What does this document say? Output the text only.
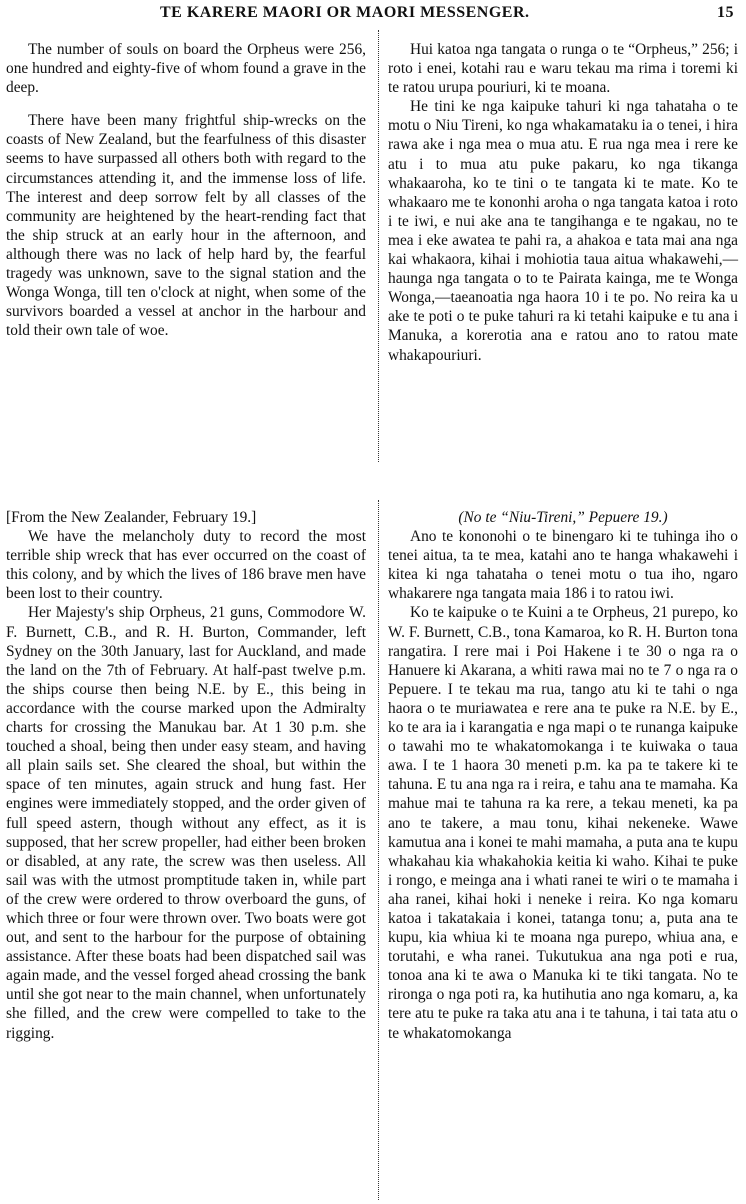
TE KARERE MAORI OR MAORI MESSENGER.	15

The number of souls on board the Orpheus were 256, one hundred and eighty-five of whom found a grave in the deep.

There have been many frightful ship-wrecks on the coasts of New Zealand, but the fearfulness of this disaster seems to have surpassed all others both with regard to the circumstances attending it, and the immense loss of life. The interest and deep sorrow felt by all classes of the community are heightened by the heart-rending fact that the ship struck at an early hour in the afternoon, and although there was no lack of help hard by, the fearful tragedy was unknown, save to the signal station and the Wonga Wonga, till ten o'clock at night, when some of the survivors boarded a vessel at anchor in the harbour and told their own tale of woe.

Hui katoa nga tangata o runga o te “Orpheus,” 256; i roto i enei, kotahi rau e waru tekau ma rima i toremi ki te ratou urupa pouriuri, ki te moana.

He tini ke nga kaipuke tahuri ki nga tahataha o te motu o Niu Tireni, ko nga whakamataku ia o tenei, i hira rawa ake i nga mea o mua atu. E rua nga mea i rere ke atu i to mua atu puke pakaru, ko nga tikanga whakaaroha, ko te tini o te tangata ki te mate. Ko te whakaaro me te kononhi aroha o nga tangata katoa i roto i te iwi, e nui ake ana te tangihanga e te ngakau, no te mea i eke awatea te pahi ra, a ahakoa e tata mai ana nga kai whakaora, kihai i mohiotia taua aitua whakawehi,—haunga nga tangata o to te Pairata kainga, me te Wonga Wonga,—taeanoatia nga haora 10 i te po. No reira ka u ake te poti o te puke tahuri ra ki tetahi kaipuke e tu ana i Manuka, a korerotia ana e ratou ano to ratou mate whakapouriuri.

[From the New Zealander, February 19.]

We have the melancholy duty to record the most terrible ship wreck that has ever occurred on the coast of this colony, and by which the lives of 186 brave men have been lost to their country.

Her Majesty's ship Orpheus, 21 guns, Commodore W. F. Burnett, C.B., and R. H. Burton, Commander, left Sydney on the 30th January, last for Auckland, and made the land on the 7th of February. At half-past twelve p.m. the ships course then being N.E. by E., this being in accordance with the course marked upon the Admiralty charts for crossing the Manukau bar. At 1 30 p.m. she touched a shoal, being then under easy steam, and having all plain sails set. She cleared the shoal, but within the space of ten minutes, again struck and hung fast. Her engines were immediately stopped, and the order given of full speed astern, though without any effect, as it is supposed, that her screw propeller, had either been broken or disabled, at any rate, the screw was then useless. All sail was with the utmost promptitude taken in, while part of the crew were ordered to throw overboard the guns, of which three or four were thrown over. Two boats were got out, and sent to the harbour for the purpose of obtaining assistance. After these boats had been dispatched sail was again made, and the vessel forged ahead crossing the bank until she got near to the main channel, when unfortunately she filled, and the crew were compelled to take to the rigging.

(No te “Niu-Tireni,” Pepuere 19.)

Ano te kononohi o te binengaro ki te tuhinga iho o tenei aitua, ta te mea, katahi ano te hanga whakawehi i kitea ki nga tahataha o tenei motu o tua iho, ngaro whakarere nga tangata maia 186 i to ratou iwi.

Ko te kaipuke o te Kuini a te Orpheus, 21 purepo, ko W. F. Burnett, C.B., tona Kamaroa, ko R. H. Burton tona rangatira. I rere mai i Poi Hakene i te 30 o nga ra o Hanuere ki Akarana, a whiti rawa mai no te 7 o nga ra o Pepuere. I te tekau ma rua, tango atu ki te tahi o nga haora o te muriawatea e rere ana te puke ra N.E. by E., ko te ara ia i karangatia e nga mapi o te runanga kaipuke o tawahi mo te whakatomokanga i te kuiwaka o taua awa. I te 1 haora 30 meneti p.m. ka pa te takere ki te tahuna. E tu ana nga ra i reira, e tahu ana te mamaha. Ka mahue mai te tahuna ra ka rere, a tekau meneti, ka pa ano te takere, a mau tonu, kihai nekeneke. Wawe kamutua ana i konei te mahi mamaha, a puta ana te kupu whakahau kia whakahokia keitia ki waho. Kihai te puke i rongo, e meinga ana i whati ranei te wiri o te mamaha i aha ranei, kihai hoki i neneke i reira. Ko nga komaru katoa i takatakaia i konei, tatanga tonu; a, puta ana te kupu, kia whiua ki te moana nga purepo, whiua ana, e torutahi, e wha ranei. Tukutukua ana nga poti e rua, tonoa ana ki te awa o Manuka ki te tiki tangata. No te rironga o nga poti ra, ka hutihutia ano nga komaru, a, ka tere atu te puke ra taka atu ana i te tahuna, i tai tata atu o te whakatomokanga
